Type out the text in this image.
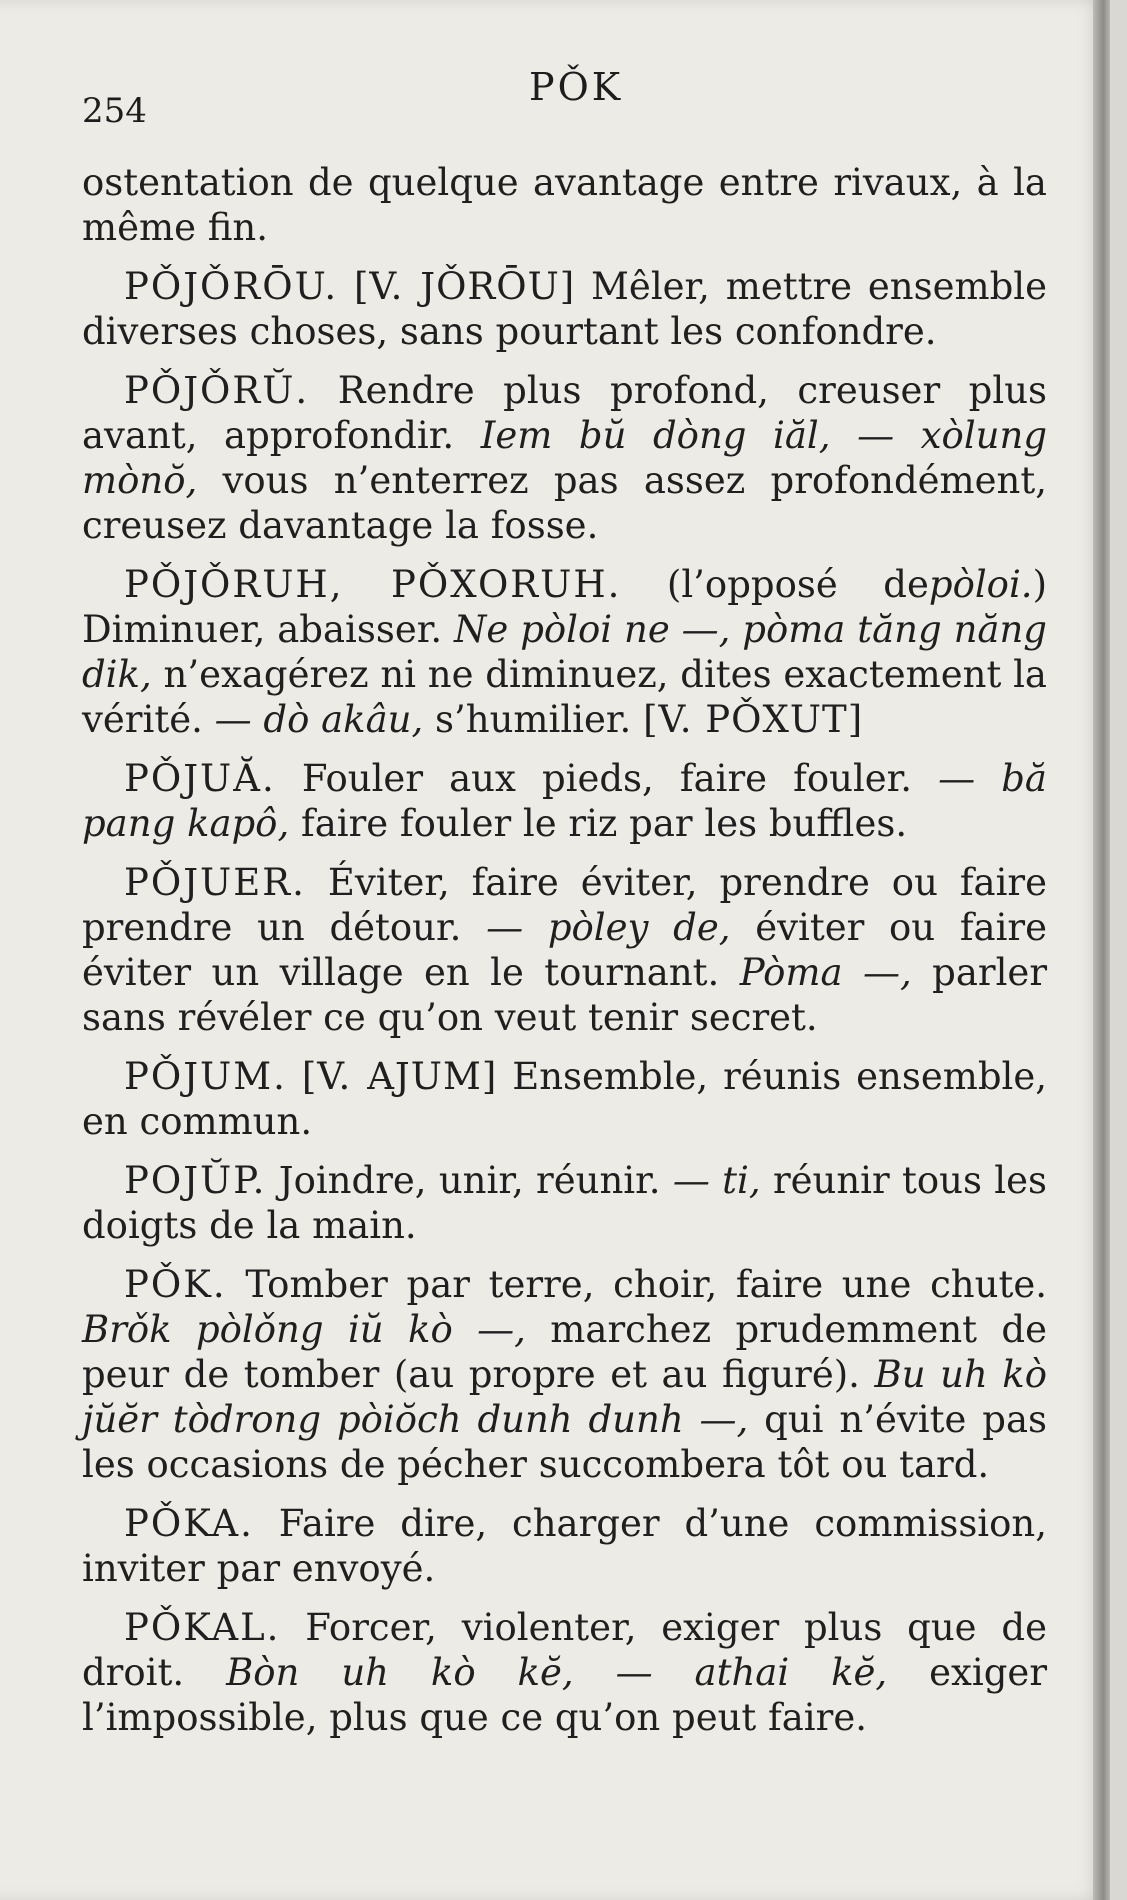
254
PǑK

ostentation de quelque avantage entre rivaux, à la même fin.

PǑJǑRŌU. [V. JǑRŌU] Mêler, mettre ensemble diverses choses, sans pourtant les confondre.

PǑJǑRŬ. Rendre plus profond, creuser plus avant, approfondir. Iem bŭ dòng iăl, — xòlung mònŏ, vous n’enterrez pas assez profondément, creusez davantage la fosse.

PǑJǑRUH, PǑXORUH. (l’opposé depòloi.) Diminuer, abaisser. Ne pòloi ne —, pòma tăng năng dik, n’exagérez ni ne diminuez, dites exactement la vérité. — dò akâu, s’humilier. [V. PǑXUT]

PǑJUĂ. Fouler aux pieds, faire fouler. — bă pang kapô, faire fouler le riz par les buffles.

PǑJUER. Éviter, faire éviter, prendre ou faire prendre un détour. — pòley de, éviter ou faire éviter un village en le tournant. Pòma —, parler sans révéler ce qu’on veut tenir secret.

PǑJUM. [V. AJUM] Ensemble, réunis ensemble, en commun.

POJŬP. Joindre, unir, réunir. — ti, réunir tous les doigts de la main.

PǑK. Tomber par terre, choir, faire une chute. Brǒk pòlǒng iŭ kò —, marchez prudemment de peur de tomber (au propre et au figuré). Bu uh kò jŭĕr tòdrong pòiŏch dunh dunh —, qui n’évite pas les occasions de pécher succombera tôt ou tard.

PǑKA. Faire dire, charger d’une commission, inviter par envoyé.

PǑKAL. Forcer, violenter, exiger plus que de droit. Bòn uh kò kĕ, — athai kĕ, exiger l’impossible, plus que ce qu’on peut faire.
